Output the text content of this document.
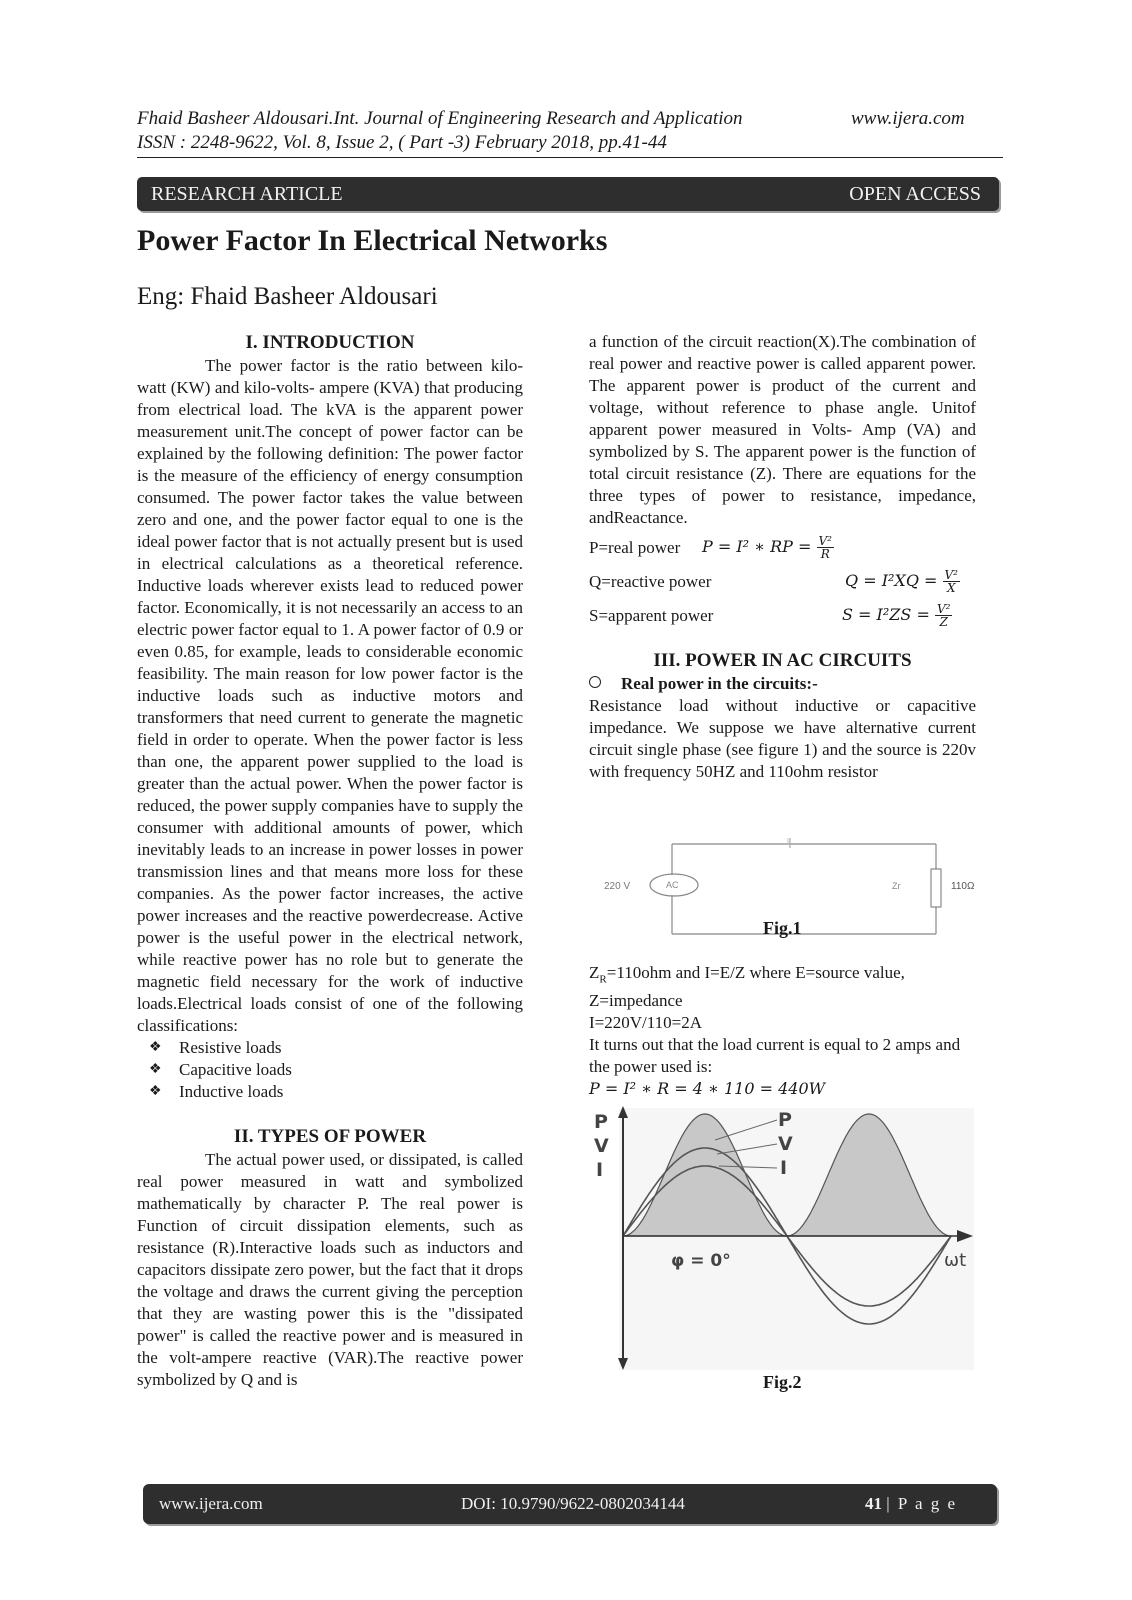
Fhaid Basheer Aldousari.Int. Journal of Engineering Research and Application	www.ijera.com
ISSN : 2248-9622, Vol. 8, Issue 2, ( Part -3) February 2018, pp.41-44
RESEARCH ARTICLE	OPEN ACCESS
Power Factor In Electrical Networks
Eng: Fhaid Basheer Aldousari

I. INTRODUCTION

The power factor is the ratio between kilo-watt (KW) and kilo-volts- ampere (KVA) that producing from electrical load. The kVA is the apparent power measurement unit.The concept of power factor can be explained by the following definition: The power factor is the measure of the efficiency of energy consumption consumed. The power factor takes the value between zero and one, and the power factor equal to one is the ideal power factor that is not actually present but is used in electrical calculations as a theoretical reference. Inductive loads wherever exists lead to reduced power factor. Economically, it is not necessarily an access to an electric power factor equal to 1. A power factor of 0.9 or even 0.85, for example, leads to considerable economic feasibility. The main reason for low power factor is the inductive loads such as inductive motors and transformers that need current to generate the magnetic field in order to operate. When the power factor is less than one, the apparent power supplied to the load is greater than the actual power. When the power factor is reduced, the power supply companies have to supply the consumer with additional amounts of power, which inevitably leads to an increase in power losses in power transmission lines and that means more loss for these companies. As the power factor increases, the active power increases and the reactive powerdecrease. Active power is the useful power in the electrical network, while reactive power has no role but to generate the magnetic field necessary for the work of inductive loads.Electrical loads consist of one of the following classifications:

❖ Resistive loads
❖ Capacitive loads
❖ Inductive loads

II. TYPES OF POWER

The actual power used, or dissipated, is called real power measured in watt and symbolized mathematically by character P. The real power is Function of circuit dissipation elements, such as resistance (R).Interactive loads such as inductors and capacitors dissipate zero power, but the fact that it drops the voltage and draws the current giving the perception that they are wasting power this is the "dissipated power" is called the reactive power and is measured in the volt-ampere reactive (VAR).The reactive power symbolized by Q and is

a function of the circuit reaction(X).The combination of real power and reactive power is called apparent power. The apparent power is product of the current and voltage, without reference to phase angle. Unitof apparent power measured in Volts- Amp (VA) and symbolized by S. The apparent power is the function of total circuit resistance (Z). There are equations for the three types of power to resistance, impedance, andReactance.

P=real power P = I² ∗ RP = $\frac{\text{V²}}{R}$
Q=reactive power	$Q = I^2XQ = \frac{\text{V²}}{X}$
S=apparent power	$S = I^2ZS = \frac{\text{V²}}{Z}$

III. POWER IN AC CIRCUITS

Real power in the circuits:-

Resistance load without inductive or capacitive impedance. We suppose we have alternative current circuit single phase (see figure 1) and the source is 220v with frequency 50HZ and 110ohm resistor

220 V	AC	Zr	110Ω
I
Fig.1

$Z_R=110ohm$ and I=E/Z where E=source value,

Z=impedance

I=220V/110=2A

It turns out that the load current is equal to 2 amps and the power used is:

P = I² ∗ R = 4 ∗ 110 = 440W

P
V
I
P
V
I
φ = 0°	ωt
Fig.2
www.ijera.com	DOI: 10.9790/9622-0802034144	41 | P a g e
